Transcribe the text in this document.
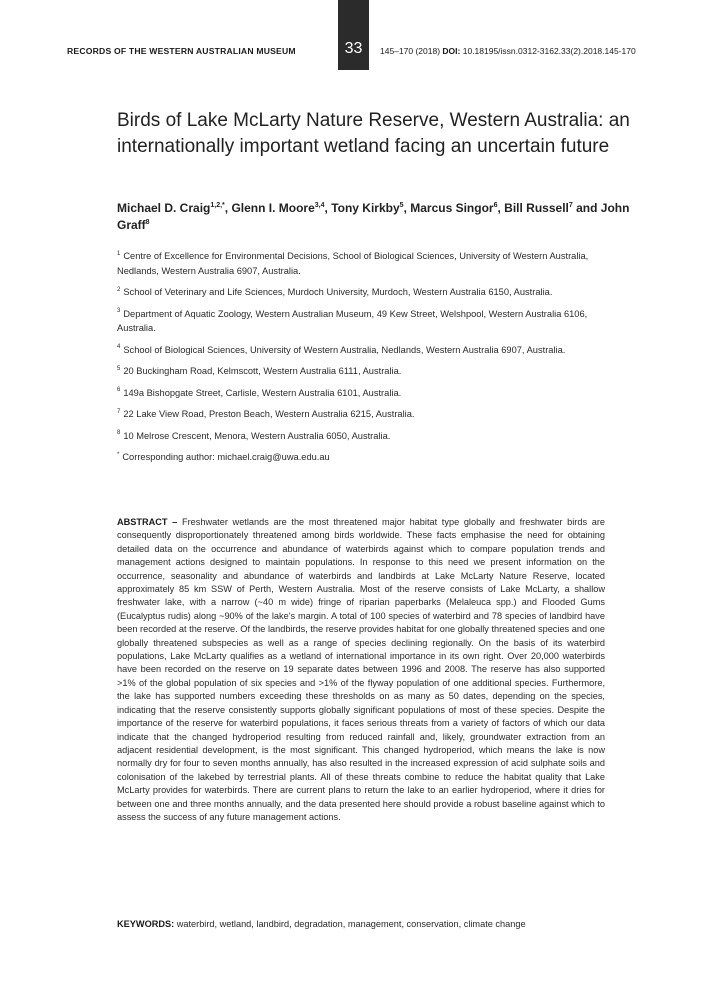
33
RECORDS OF THE WESTERN AUSTRALIAN MUSEUM	145–170 (2018) DOI: 10.18195/issn.0312-3162.33(2).2018.145-170
Birds of Lake McLarty Nature Reserve, Western Australia: an internationally important wetland facing an uncertain future
Michael D. Craig$^{1,2,*}$, Glenn I. Moore$^{3,4}$, Tony Kirkby$^5$, Marcus Singor$^6$, Bill Russell$^7$ and John Graff$^8$
$^1$ Centre of Excellence for Environmental Decisions, School of Biological Sciences, University of Western Australia, Nedlands, Western Australia 6907, Australia.
$^2$ School of Veterinary and Life Sciences, Murdoch University, Murdoch, Western Australia 6150, Australia.
$^3$ Department of Aquatic Zoology, Western Australian Museum, 49 Kew Street, Welshpool, Western Australia 6106, Australia.
$^4$ School of Biological Sciences, University of Western Australia, Nedlands, Western Australia 6907, Australia.
$^5$ 20 Buckingham Road, Kelmscott, Western Australia 6111, Australia.
$^6$ 149a Bishopgate Street, Carlisle, Western Australia 6101, Australia.
$^7$ 22 Lake View Road, Preston Beach, Western Australia 6215, Australia.
$^8$ 10 Melrose Crescent, Menora, Western Australia 6050, Australia.
* Corresponding author: michael.craig@uwa.edu.au

ABSTRACT – Freshwater wetlands are the most threatened major habitat type globally and freshwater birds are consequently disproportionately threatened among birds worldwide. These facts emphasise the need for obtaining detailed data on the occurrence and abundance of waterbirds against which to compare population trends and management actions designed to maintain populations. In response to this need we present information on the occurrence, seasonality and abundance of waterbirds and landbirds at Lake McLarty Nature Reserve, located approximately 85 km SSW of Perth, Western Australia. Most of the reserve consists of Lake McLarty, a shallow freshwater lake, with a narrow (~40 m wide) fringe of riparian paperbarks (Melaleuca spp.) and Flooded Gums (Eucalyptus rudis) along ~90% of the lake's margin. A total of 100 species of waterbird and 78 species of landbird have been recorded at the reserve. Of the landbirds, the reserve provides habitat for one globally threatened species and one globally threatened subspecies as well as a range of species declining regionally. On the basis of its waterbird populations, Lake McLarty qualifies as a wetland of international importance in its own right. Over 20,000 waterbirds have been recorded on the reserve on 19 separate dates between 1996 and 2008. The reserve has also supported >1% of the global population of six species and >1% of the flyway population of one additional species. Furthermore, the lake has supported numbers exceeding these thresholds on as many as 50 dates, depending on the species, indicating that the reserve consistently supports globally significant populations of most of these species. Despite the importance of the reserve for waterbird populations, it faces serious threats from a variety of factors of which our data indicate that the changed hydroperiod resulting from reduced rainfall and, likely, groundwater extraction from an adjacent residential development, is the most significant. This changed hydroperiod, which means the lake is now normally dry for four to seven months annually, has also resulted in the increased expression of acid sulphate soils and colonisation of the lakebed by terrestrial plants. All of these threats combine to reduce the habitat quality that Lake McLarty provides for waterbirds. There are current plans to return the lake to an earlier hydroperiod, where it dries for between one and three months annually, and the data presented here should provide a robust baseline against which to assess the success of any future management actions.

KEYWORDS: waterbird, wetland, landbird, degradation, management, conservation, climate change
